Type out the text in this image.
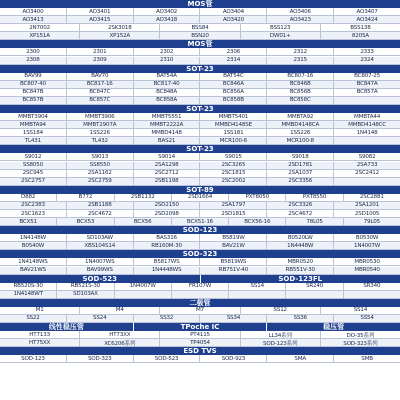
MOS管
AO3400	AO3401	AO3402	AO3404	AO3406	AO3407
AO3413	AO3415	AO3418	AO3420	AO3423	AO3424
2N7002	2SK3018	BSS84	BSS123	BSS138
XP151A	XP152A	BSN20	DW01+	8205A
MOS管
2300	2301	2302	2306	2312	2333
2308	2309	2310	2314	2315	2324
SOT-23
BAV99	BAV70	BAT54A	BAT54C	BC807-16	BC807-25
BC807-40	BC817-16	BC817-40	BC846A	BC846B	BC847A
BC847B	BC847C	BC848A	BC856A	BC856B	BC857A
BC857B	BC857C	BC858A	BC858B	BC858C
SOT-23
MMBT3904	MMBT3906	MMBT5551	MMBT5401	MMBTA92	MMBTA44
MMBTA94	MMBT2907A	MMBT2222A	MMBD4148SE	MMBD4148CA	MMBD4148CC
1SS184	1SS226	MMBD4148	1SS181	1SS226	1N4148
TL431	TL432	BAS21	MCR100-6	MCR100-8
SOT-23
S9012	S9013	S9014	S9015	S9018	S9082
SS8050	SS8550	2SA1298	2SC3265	2SD1781	2SA733
2SC945	2SA1162	2SC2712	2SC1815	2SA1037	2SC2412
2SC2757	2SC2759	2SB1198	2SC2002	2SC3356
SOT-89
D882	B772	2SB1132	2SD1664	PXT8050	PXT8550	2SC2881
2SC2383	2SB1188	2SD2150	2SA1797	2SC3326	2SA1201
2SC1623	2SC4672	2SD2098	2SD1815	2SC4672	2SD1005
BCX51	BCX53	BCX56	BCX51-16	BCX56-16	78L05	79L05
SOD-123
1N4148W	SD103AW	BAS316	B5819W	B0520LW	B0530W
B0540W	XBS104S14	RB160M-30	BAV21W	1N4448W	1N4007W
SOD-323
1N4148WS	1N4007WS	B5817WS	B5819WS	MBR0520	MBR0530
BAV21WS	BAV99WS	1N4448WS	RB751V-40	RB551V-30	MBR0540
SOD-523	SOD-123FL
RB520S-30	RB521S-30	1N4007W	FR107W	SS14	SR240	SR340
1N4148WT	SD103AX
二极管
M1	M4	M7	SS12	SS14
SS22	SS24	SS32	SS34	SS36	SS54
线性稳压管	TPoche IC	稳压管
HT7133	HT73XX	PT4115	LL34系列	DO-35系列
HT75XX	XC6206系列	TP4054	SOD-123系列	SOD-323系列
ESD TVS
SOD-123	SOD-323	SOD-523	SOD-923	SMA	SMB
